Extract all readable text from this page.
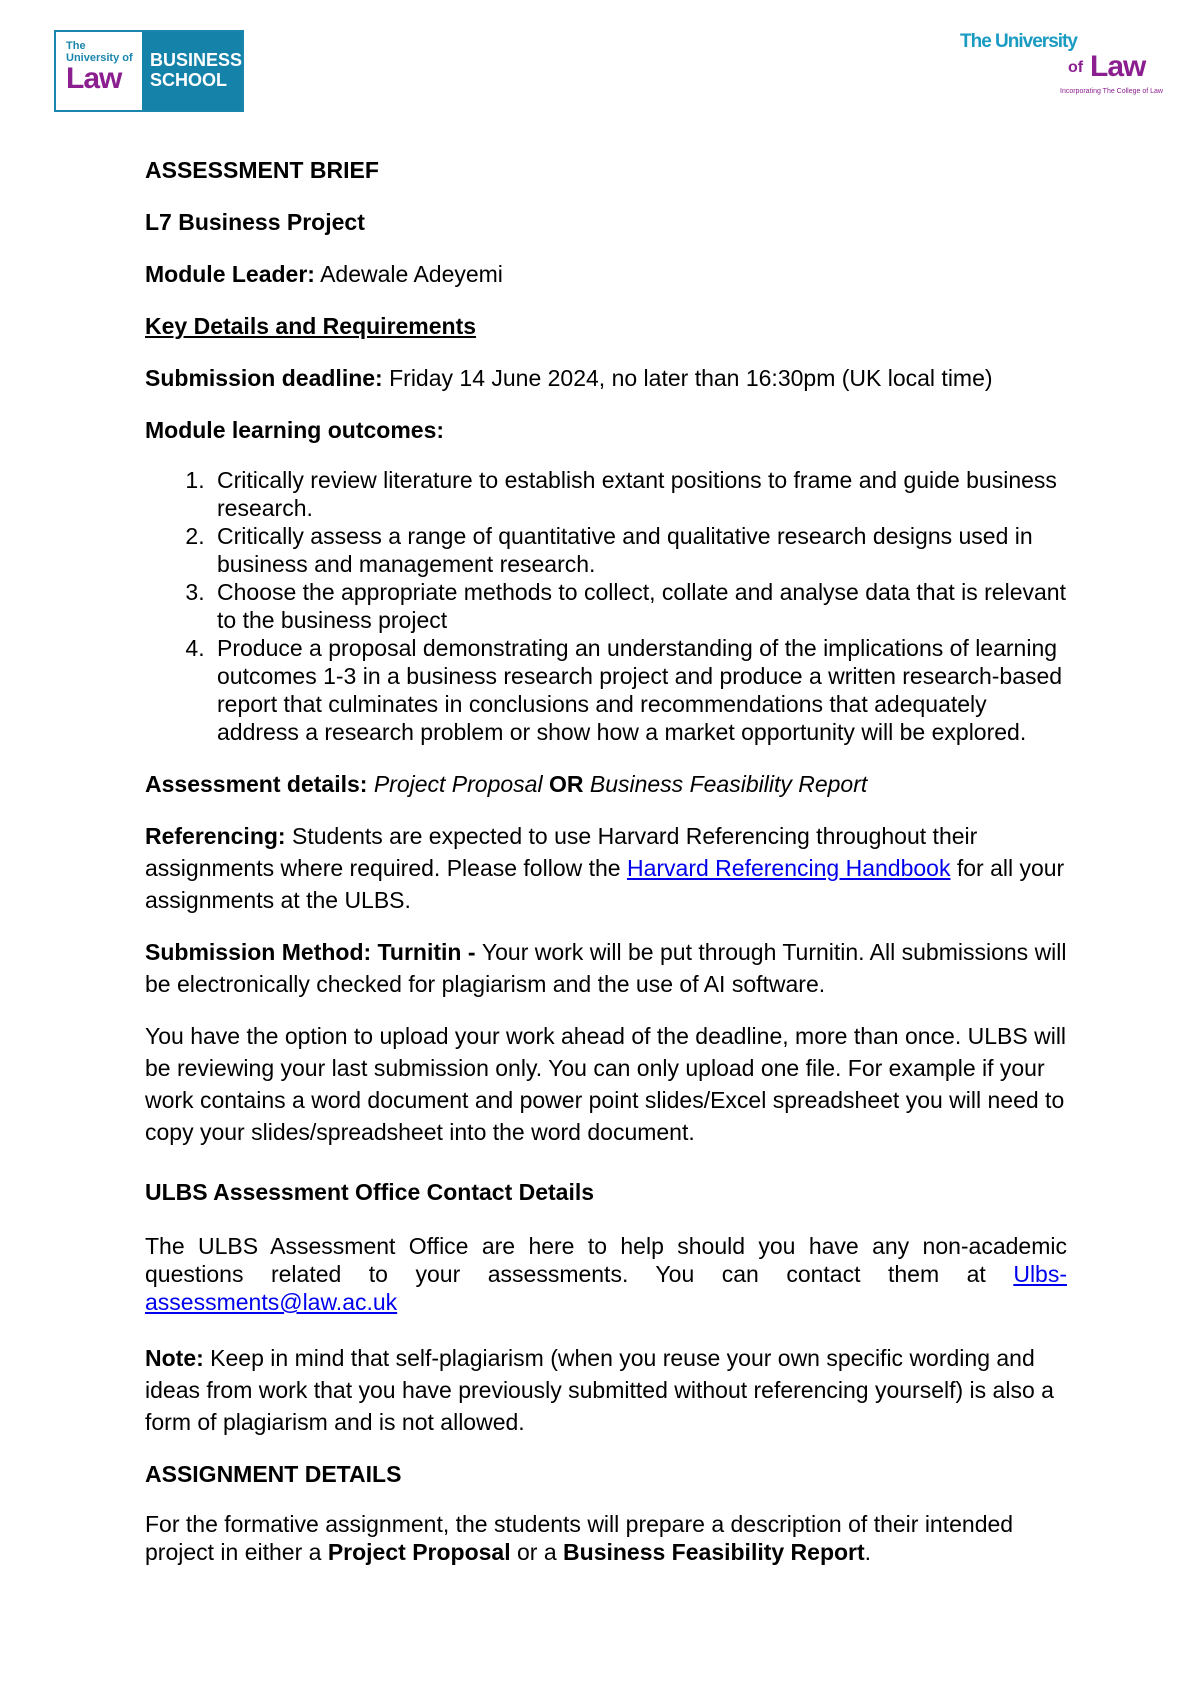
The
University of
Law
BUSINESS
SCHOOL
The University
of Law
Incorporating The College of Law
ASSESSMENT BRIEF
L7 Business Project
Module Leader: Adewale Adeyemi
Key Details and Requirements
Submission deadline: Friday 14 June 2024, no later than 16:30pm (UK local time)
Module learning outcomes:
1. Critically review literature to establish extant positions to frame and guide business research.
2. Critically assess a range of quantitative and qualitative research designs used in business and management research.
3. Choose the appropriate methods to collect, collate and analyse data that is relevant to the business project
4. Produce a proposal demonstrating an understanding of the implications of learning outcomes 1-3 in a business research project and produce a written research-based report that culminates in conclusions and recommendations that adequately address a research problem or show how a market opportunity will be explored.
Assessment details: Project Proposal OR Business Feasibility Report
Referencing: Students are expected to use Harvard Referencing throughout their assignments where required. Please follow the Harvard Referencing Handbook for all your assignments at the ULBS.
Submission Method: Turnitin - Your work will be put through Turnitin. All submissions will be electronically checked for plagiarism and the use of AI software.
You have the option to upload your work ahead of the deadline, more than once. ULBS will be reviewing your last submission only. You can only upload one file. For example if your work contains a word document and power point slides/Excel spreadsheet you will need to copy your slides/spreadsheet into the word document.
ULBS Assessment Office Contact Details
The ULBS Assessment Office are here to help should you have any non-academic questions related to your assessments. You can contact them at Ulbs-assessments@law.ac.uk
Note: Keep in mind that self-plagiarism (when you reuse your own specific wording and ideas from work that you have previously submitted without referencing yourself) is also a form of plagiarism and is not allowed.
ASSIGNMENT DETAILS
For the formative assignment, the students will prepare a description of their intended project in either a Project Proposal or a Business Feasibility Report.
